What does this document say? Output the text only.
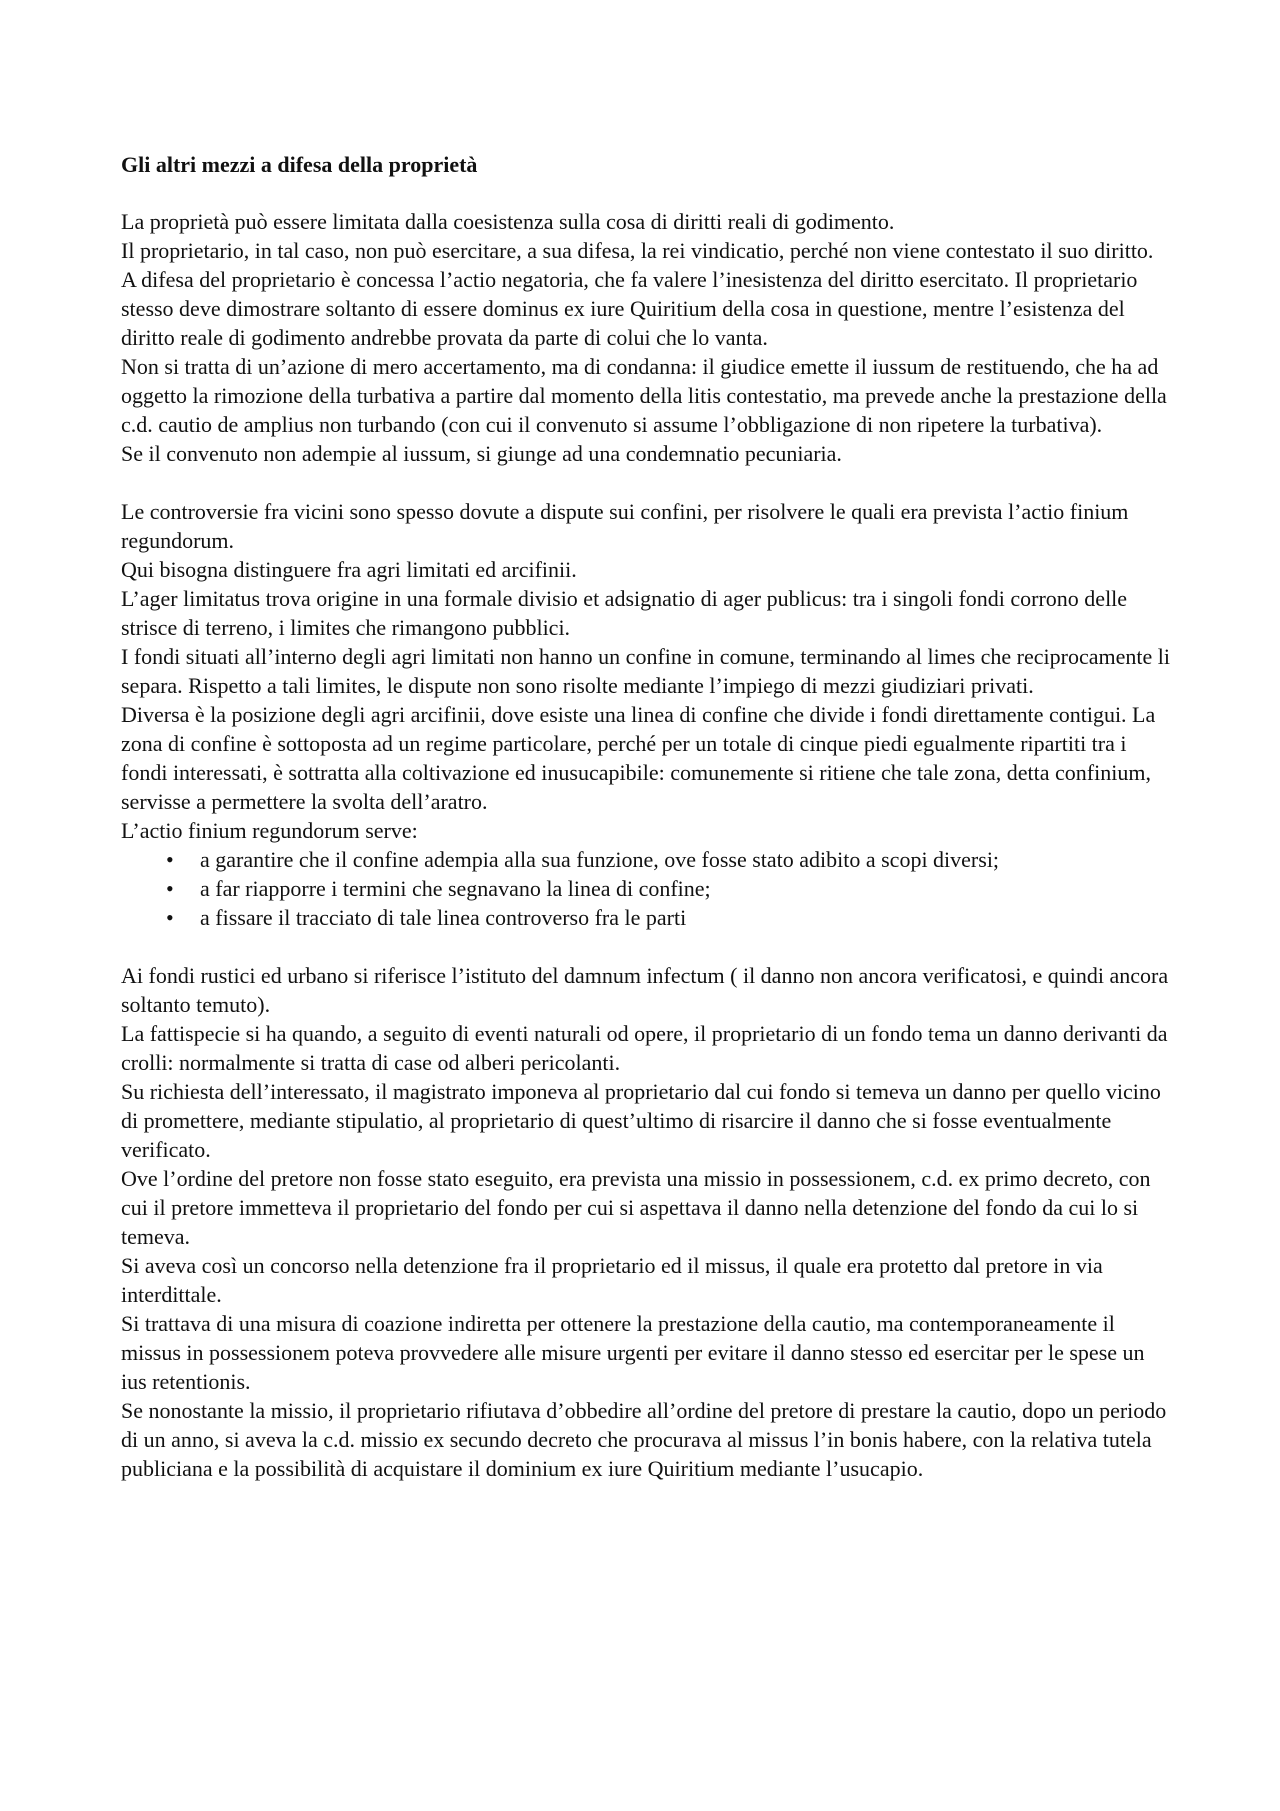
Gli altri mezzi a difesa della proprietà

La proprietà può essere limitata dalla coesistenza sulla cosa di diritti reali di godimento.

Il proprietario, in tal caso, non può esercitare, a sua difesa, la rei vindicatio, perché non viene contestato il suo diritto.

A difesa del proprietario è concessa l’actio negatoria, che fa valere l’inesistenza del diritto esercitato. Il proprietario stesso deve dimostrare soltanto di essere dominus ex iure Quiritium della cosa in questione, mentre l’esistenza del diritto reale di godimento andrebbe provata da parte di colui che lo vanta.

Non si tratta di un’azione di mero accertamento, ma di condanna: il giudice emette il iussum de restituendo, che ha ad oggetto la rimozione della turbativa a partire dal momento della litis contestatio, ma prevede anche la prestazione della c.d. cautio de amplius non turbando (con cui il convenuto si assume l’obbligazione di non ripetere la turbativa).

Se il convenuto non adempie al iussum, si giunge ad una condemnatio pecuniaria.

Le controversie fra vicini sono spesso dovute a dispute sui confini, per risolvere le quali era prevista l’actio finium regundorum.

Qui bisogna distinguere fra agri limitati ed arcifinii.

L’ager limitatus trova origine in una formale divisio et adsignatio di ager publicus: tra i singoli fondi corrono delle strisce di terreno, i limites che rimangono pubblici.

I fondi situati all’interno degli agri limitati non hanno un confine in comune, terminando al limes che reciprocamente li separa. Rispetto a tali limites, le dispute non sono risolte mediante l’impiego di mezzi giudiziari privati.

Diversa è la posizione degli agri arcifinii, dove esiste una linea di confine che divide i fondi direttamente contigui. La zona di confine è sottoposta ad un regime particolare, perché per un totale di cinque piedi egualmente ripartiti tra i fondi interessati, è sottratta alla coltivazione ed inusucapibile: comunemente si ritiene che tale zona, detta confinium, servisse a permettere la svolta dell’aratro.

L’actio finium regundorum serve:

• a garantire che il confine adempia alla sua funzione, ove fosse stato adibito a scopi diversi;
• a far riapporre i termini che segnavano la linea di confine;
• a fissare il tracciato di tale linea controverso fra le parti

Ai fondi rustici ed urbano si riferisce l’istituto del damnum infectum ( il danno non ancora verificatosi, e quindi ancora soltanto temuto).

La fattispecie si ha quando, a seguito di eventi naturali od opere, il proprietario di un fondo tema un danno derivanti da crolli: normalmente si tratta di case od alberi pericolanti.

Su richiesta dell’interessato, il magistrato imponeva al proprietario dal cui fondo si temeva un danno per quello vicino di promettere, mediante stipulatio, al proprietario di quest’ultimo di risarcire il danno che si fosse eventualmente verificato.

Ove l’ordine del pretore non fosse stato eseguito, era prevista una missio in possessionem, c.d. ex primo decreto, con cui il pretore immetteva il proprietario del fondo per cui si aspettava il danno nella detenzione del fondo da cui lo si temeva.

Si aveva così un concorso nella detenzione fra il proprietario ed il missus, il quale era protetto dal pretore in via interdittale.

Si trattava di una misura di coazione indiretta per ottenere la prestazione della cautio, ma contemporaneamente il missus in possessionem poteva provvedere alle misure urgenti per evitare il danno stesso ed esercitar per le spese un ius retentionis.

Se nonostante la missio, il proprietario rifiutava d’obbedire all’ordine del pretore di prestare la cautio, dopo un periodo di un anno, si aveva la c.d. missio ex secundo decreto che procurava al missus l’in bonis habere, con la relativa tutela publiciana e la possibilità di acquistare il dominium ex iure Quiritium mediante l’usucapio.
